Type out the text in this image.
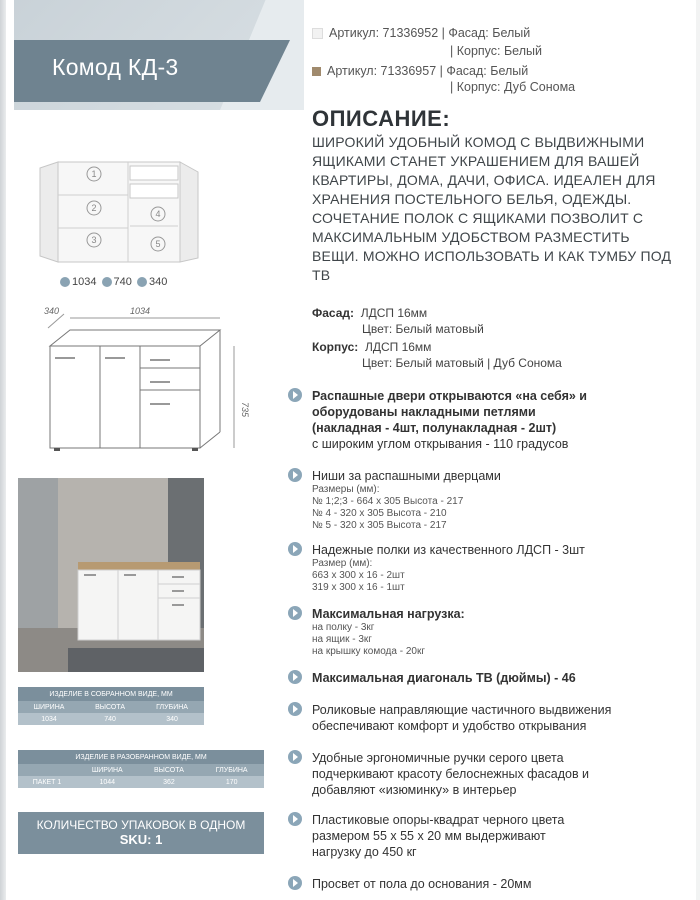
Комод КД-3
Артикул: 71336952 | Фасад: Белый
| Корпус: Белый
Артикул: 71336957 | Фасад: Белый
| Корпус: Дуб Сонома
ОПИСАНИЕ:
ШИРОКИЙ УДОБНЫЙ КОМОД С ВЫДВИЖНЫМИ ЯЩИКАМИ СТАНЕТ УКРАШЕНИЕМ ДЛЯ ВАШЕЙ КВАРТИРЫ, ДОМА, ДАЧИ, ОФИСА. ИДЕАЛЕН ДЛЯ ХРАНЕНИЯ ПОСТЕЛЬНОГО БЕЛЬЯ, ОДЕЖДЫ. СОЧЕТАНИЕ ПОЛОК С ЯЩИКАМИ ПОЗВОЛИТ С МАКСИМАЛЬНЫМ УДОБСТВОМ РАЗМЕСТИТЬ ВЕЩИ. МОЖНО ИСПОЛЬЗОВАТЬ И КАК ТУМБУ ПОД ТВ
Фасад: ЛДСП 16мм
Цвет: Белый матовый
Корпус: ЛДСП 16мм
Цвет: Белый матовый | Дуб Сонома
Распашные двери открываются «на себя» и
оборудованы накладными петлями
(накладная - 4шт, полунакладная - 2шт)
с широким углом открывания - 110 градусов
Ниши за распашными дверцами
Размеры (мм):
№ 1;2;3 - 664 x 305 Высота - 217
№ 4 - 320 x 305 Высота - 210
№ 5 - 320 x 305 Высота - 217
Надежные полки из качественного ЛДСП - 3шт
Размер (мм):
663 x 300 x 16 - 2шт
319 x 300 x 16 - 1шт
Максимальная нагрузка:
на полку - 3кг
на ящик - 3кг
на крышку комода - 20кг
Максимальная диагональ ТВ (дюймы) - 46
Роликовые направляющие частичного выдвижения
обеспечивают комфорт и удобство открывания
Удобные эргономичные ручки серого цвета
подчеркивают красоту белоснежных фасадов и
добавляют «изюминку» в интерьер
Пластиковые опоры-квадрат черного цвета
размером 55 x 55 x 20 мм выдерживают
нагрузку до 450 кг
Просвет от пола до основания - 20мм
1
2
3
4
5
1034 740 340
340	1034
735
ИЗДЕЛИЕ В СОБРАННОМ ВИДЕ, ММ		
ШИРИНА	ВЫСОТА	ГЛУБИНА
1034	740	340
ИЗДЕЛИЕ В РАЗОБРАННОМ ВИДЕ, ММ			
	ШИРИНА	ВЫСОТА	ГЛУБИНА
ПАКЕТ 1	1044	362	170
КОЛИЧЕСТВО УПАКОВОК В ОДНОМ
SKU: 1
